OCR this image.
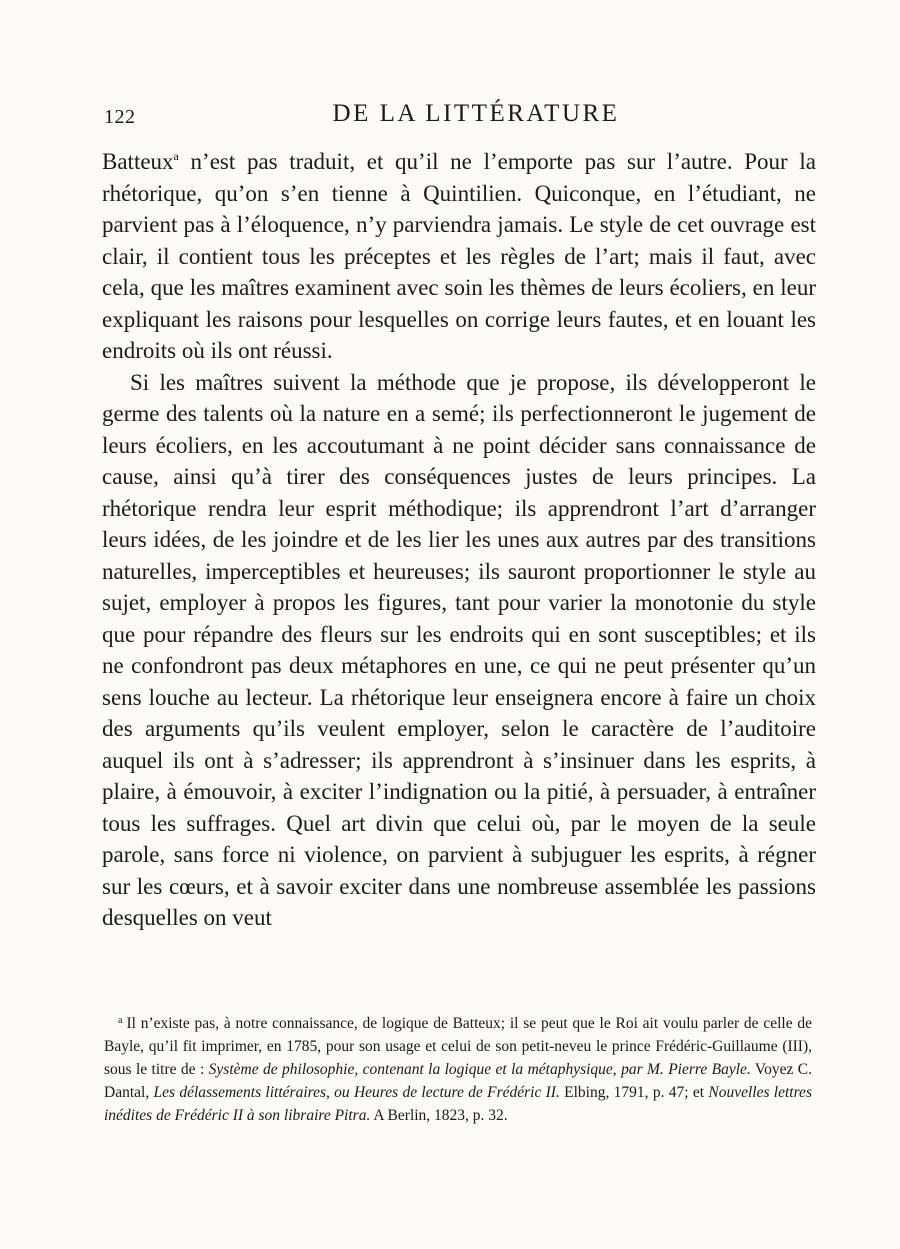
122	DE LA LITTÉRATURE

Batteux$^a$ n’est pas traduit, et qu’il ne l’emporte pas sur l’autre. Pour la rhétorique, qu’on s’en tienne à Quintilien. Quiconque, en l’étudiant, ne parvient pas à l’éloquence, n’y parviendra jamais. Le style de cet ouvrage est clair, il contient tous les préceptes et les règles de l’art; mais il faut, avec cela, que les maîtres examinent avec soin les thèmes de leurs écoliers, en leur expliquant les raisons pour lesquelles on corrige leurs fautes, et en louant les endroits où ils ont réussi.

Si les maîtres suivent la méthode que je propose, ils développeront le germe des talents où la nature en a semé; ils perfectionneront le jugement de leurs écoliers, en les accoutumant à ne point décider sans connaissance de cause, ainsi qu’à tirer des conséquences justes de leurs principes. La rhétorique rendra leur esprit méthodique; ils apprendront l’art d’arranger leurs idées, de les joindre et de les lier les unes aux autres par des transitions naturelles, imperceptibles et heureuses; ils sauront proportionner le style au sujet, employer à propos les figures, tant pour varier la monotonie du style que pour répandre des fleurs sur les endroits qui en sont susceptibles; et ils ne confondront pas deux métaphores en une, ce qui ne peut présenter qu’un sens louche au lecteur. La rhétorique leur enseignera encore à faire un choix des arguments qu’ils veulent employer, selon le caractère de l’auditoire auquel ils ont à s’adresser; ils apprendront à s’insinuer dans les esprits, à plaire, à émouvoir, à exciter l’indignation ou la pitié, à persuader, à entraîner tous les suffrages. Quel art divin que celui où, par le moyen de la seule parole, sans force ni violence, on parvient à subjuguer les esprits, à régner sur les cœurs, et à savoir exciter dans une nombreuse assemblée les passions desquelles on veut

$^a$ Il n’existe pas, à notre connaissance, de logique de Batteux; il se peut que le Roi ait voulu parler de celle de Bayle, qu’il fit imprimer, en 1785, pour son usage et celui de son petit-neveu le prince Frédéric-Guillaume (III), sous le titre de : Système de philosophie, contenant la logique et la métaphysique, par M. Pierre Bayle. Voyez C. Dantal, Les délassements littéraires, ou Heures de lecture de Frédéric II. Elbing, 1791, p. 47; et Nouvelles lettres inédites de Frédéric II à son libraire Pitra. A Berlin, 1823, p. 32.
